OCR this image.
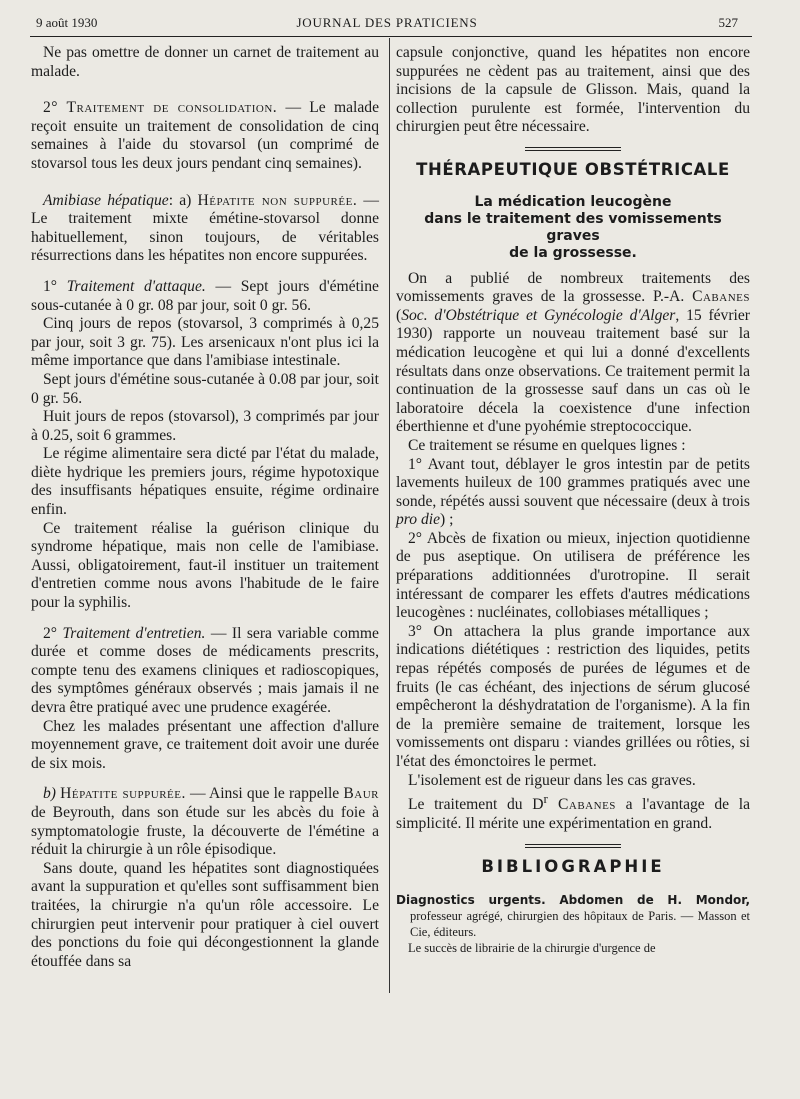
9 août 1930	JOURNAL DES PRATICIENS	527

Ne pas omettre de donner un carnet de traitement au malade.

2° Traitement de consolidation. — Le malade reçoit ensuite un traitement de consolidation de cinq semaines à l'aide du stovarsol (un comprimé de stovarsol tous les deux jours pendant cinq semaines).

Amibiase hépatique: a) Hépatite non suppurée. — Le traitement mixte émétine-stovarsol donne habituellement, sinon toujours, de véritables résurrections dans les hépatites non encore suppurées.

1° Traitement d'attaque. — Sept jours d'émétine sous-cutanée à 0 gr. 08 par jour, soit 0 gr. 56.

Cinq jours de repos (stovarsol, 3 comprimés à 0,25 par jour, soit 3 gr. 75). Les arsenicaux n'ont plus ici la même importance que dans l'amibiase intestinale.

Sept jours d'émétine sous-cutanée à 0.08 par jour, soit 0 gr. 56.

Huit jours de repos (stovarsol), 3 comprimés par jour à 0.25, soit 6 grammes.

Le régime alimentaire sera dicté par l'état du malade, diète hydrique les premiers jours, régime hypotoxique des insuffisants hépatiques ensuite, régime ordinaire enfin.

Ce traitement réalise la guérison clinique du syndrome hépatique, mais non celle de l'amibiase. Aussi, obligatoirement, faut-il instituer un traitement d'entretien comme nous avons l'habitude de le faire pour la syphilis.

2° Traitement d'entretien. — Il sera variable comme durée et comme doses de médicaments prescrits, compte tenu des examens cliniques et radioscopiques, des symptômes généraux observés ; mais jamais il ne devra être pratiqué avec une prudence exagérée.

Chez les malades présentant une affection d'allure moyennement grave, ce traitement doit avoir une durée de six mois.

b) Hépatite suppurée. — Ainsi que le rappelle Baur de Beyrouth, dans son étude sur les abcès du foie à symptomatologie fruste, la découverte de l'émétine a réduit la chirurgie à un rôle épisodique.

Sans doute, quand les hépatites sont diagnostiquées avant la suppuration et qu'elles sont suffisamment bien traitées, la chirurgie n'a qu'un rôle accessoire. Le chirurgien peut intervenir pour pratiquer à ciel ouvert des ponctions du foie qui décongestionnent la glande étouffée dans sa

capsule conjonctive, quand les hépatites non encore suppurées ne cèdent pas au traitement, ainsi que des incisions de la capsule de Glisson. Mais, quand la collection purulente est formée, l'intervention du chirurgien peut être nécessaire.

THÉRAPEUTIQUE OBSTÉTRICALE
La médication leucogène
dans le traitement des vomissements graves
de la grossesse.

On a publié de nombreux traitements des vomissements graves de la grossesse. P.-A. Cabanes (Soc. d'Obstétrique et Gynécologie d'Alger, 15 février 1930) rapporte un nouveau traitement basé sur la médication leucogène et qui lui a donné d'excellents résultats dans onze observations. Ce traitement permit la continuation de la grossesse sauf dans un cas où le laboratoire décela la coexistence d'une infection éberthienne et d'une pyohémie streptococcique.

Ce traitement se résume en quelques lignes :

1° Avant tout, déblayer le gros intestin par de petits lavements huileux de 100 grammes pratiqués avec une sonde, répétés aussi souvent que nécessaire (deux à trois pro die) ;

2° Abcès de fixation ou mieux, injection quotidienne de pus aseptique. On utilisera de préférence les préparations additionnées d'urotropine. Il serait intéressant de comparer les effets d'autres médications leucogènes : nucléinates, collobiases métalliques ;

3° On attachera la plus grande importance aux indications diététiques : restriction des liquides, petits repas répétés composés de purées de légumes et de fruits (le cas échéant, des injections de sérum glucosé empêcheront la déshydratation de l'organisme). A la fin de la première semaine de traitement, lorsque les vomissements ont disparu : viandes grillées ou rôties, si l'état des émonctoires le permet.

L'isolement est de rigueur dans les cas graves.

Le traitement du $D^r$ Cabanes a l'avantage de la simplicité. Il mérite une expérimentation en grand.

BIBLIOGRAPHIE

Diagnostics urgents. Abdomen de H. Mondor, professeur agrégé, chirurgien des hôpitaux de Paris. — Masson et Cie, éditeurs.

Le succès de librairie de la chirurgie d'urgence de
